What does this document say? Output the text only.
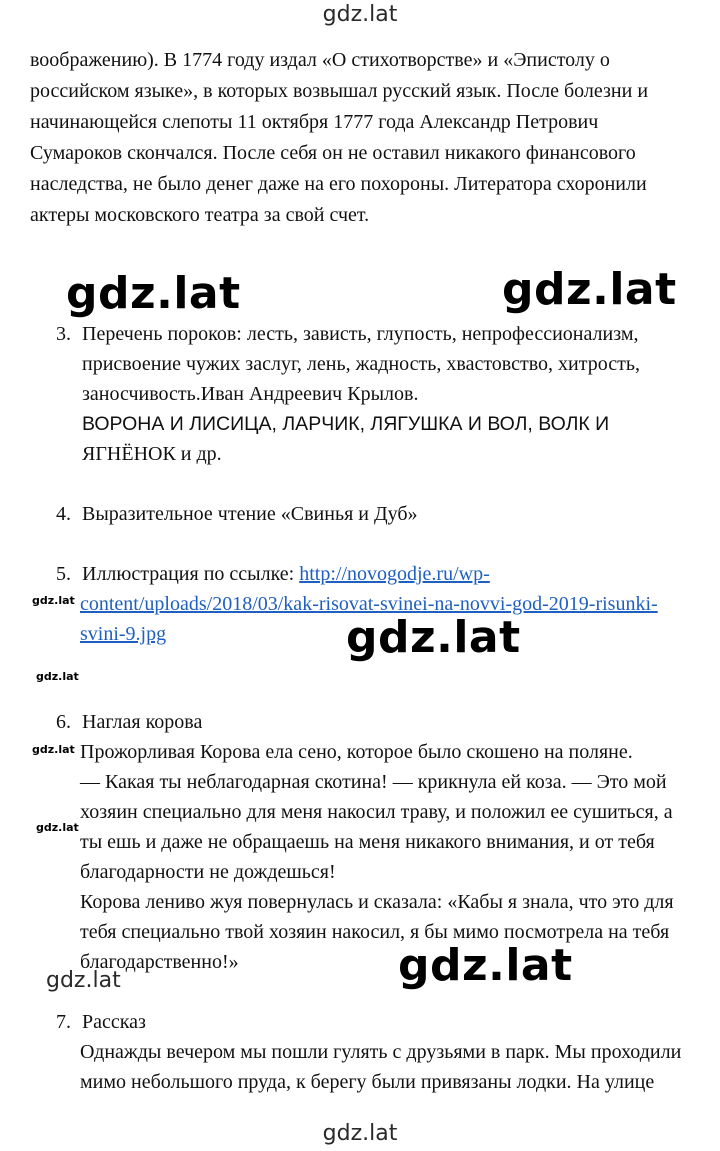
gdz.lat
воображению). В 1774 году издал «О стихотворстве» и «Эпистолу о
российском языке», в которых возвышал русский язык. После болезни и
начинающейся слепоты 11 октября 1777 года Александр Петрович
Сумароков скончался. После себя он не оставил никакого финансового
наследства, не было денег даже на его похороны. Литератора схоронили
актеры московского театра за свой счет.
gdz.lat	gdz.lat
3. Перечень пороков: лесть, зависть, глупость, непрофессионализм,
присвоение чужих заслуг, лень, жадность, хвастовство, хитрость,
заносчивость.Иван Андреевич Крылов.
ВОРОНА И ЛИСИЦА, ЛАРЧИК, ЛЯГУШКА И ВОЛ, ВОЛК И
ЯГНЁНОК и др.
4. Выразительное чтение «Свинья и Дуб»
5. Иллюстрация по ссылке: http://novogodje.ru/wp-
gdz.lat content/uploads/2018/03/kak-risovat-svinei-na-novvi-god-2019-risunki-
svini-9.jpg	gdz.lat
gdz.lat
6. Наглая корова
gdz.lat Прожорливая Корова ела сено, которое было скошено на поляне.
— Какая ты неблагодарная скотина! — крикнула ей коза. — Это мой
хозяин специально для меня накосил траву, и положил ее сушиться, а
gdz.lat
ты ешь и даже не обращаешь на меня никакого внимания, и от тебя
благодарности не дождешься!
Корова лениво жуя повернулась и сказала: «Кабы я знала, что это для
тебя специально твой хозяин накосил, я бы мимо посмотрела на тебя
благодарственно!»	gdz.lat
gdz.lat
7. Рассказ
Однажды вечером мы пошли гулять с друзьями в парк. Мы проходили
мимо небольшого пруда, к берегу были привязаны лодки. На улице
gdz.lat
